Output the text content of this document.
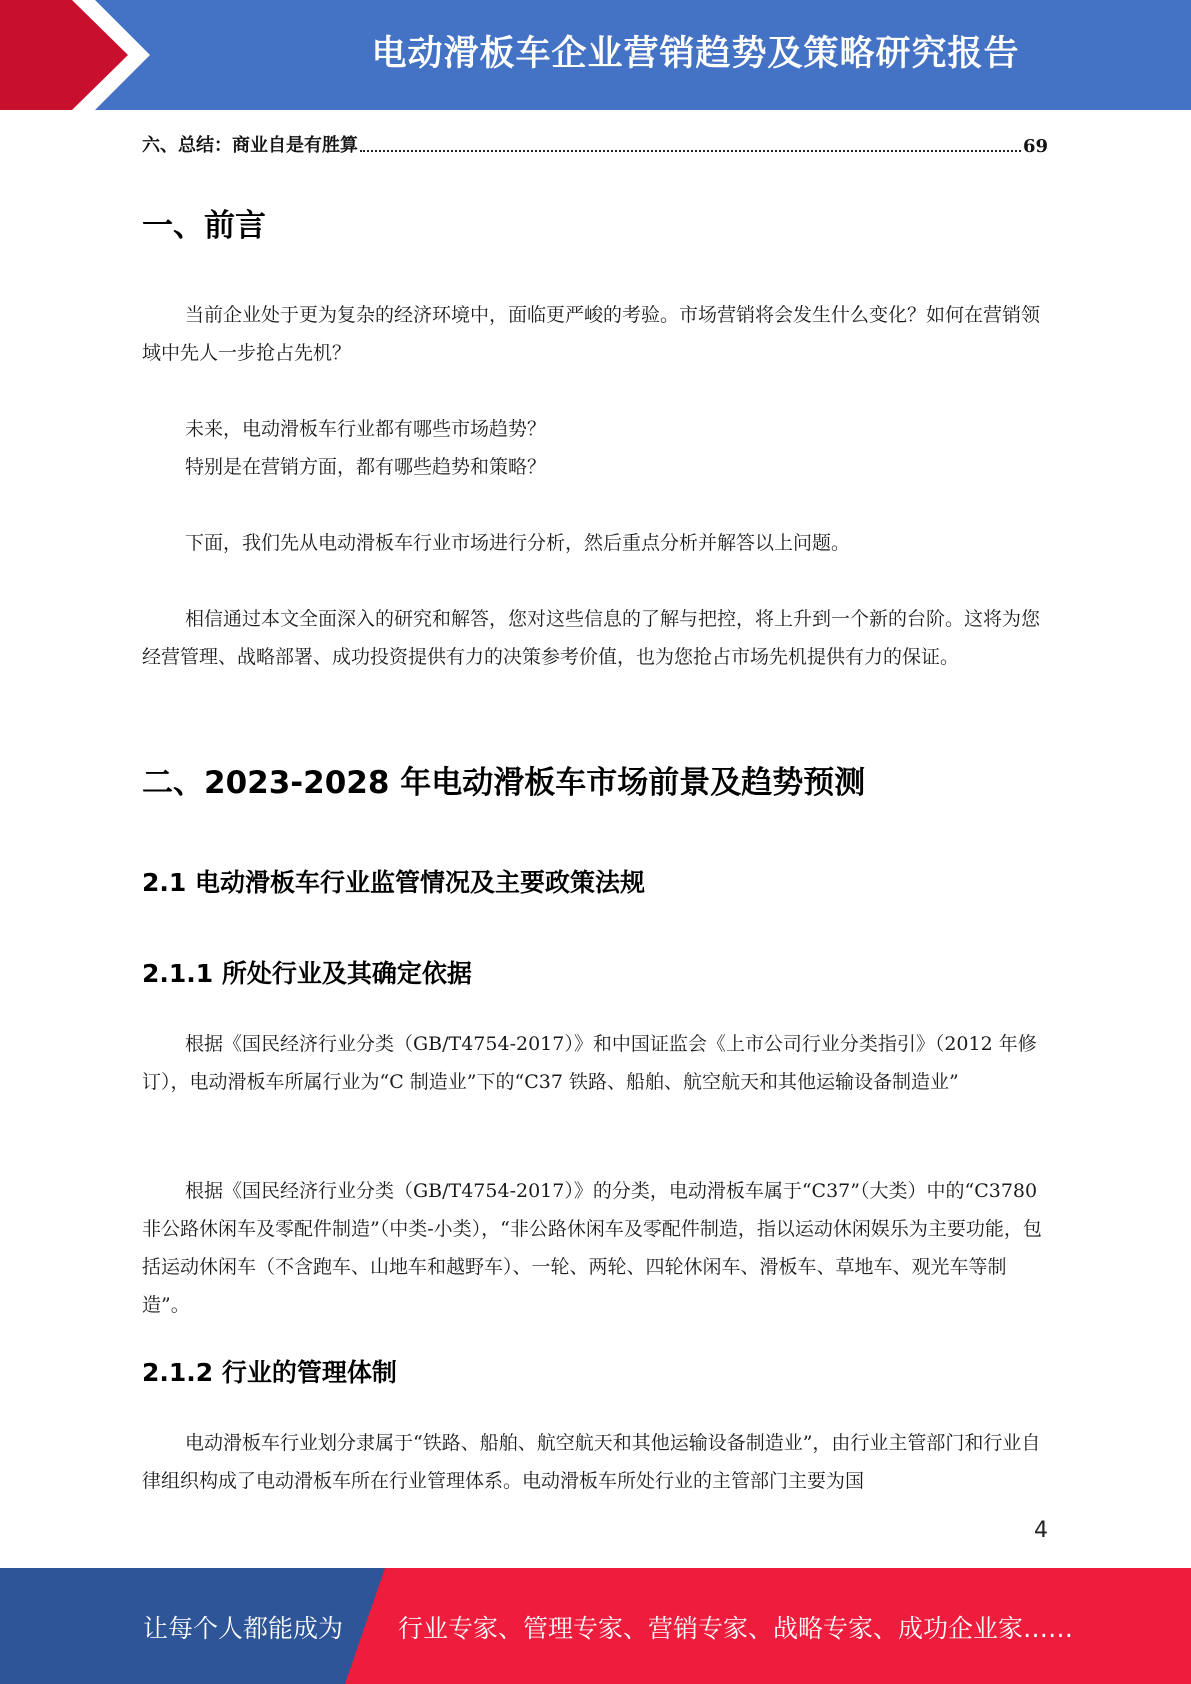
电动滑板车企业营销趋势及策略研究报告
六、总结：商业自是有胜算	69
一、前言

当前企业处于更为复杂的经济环境中，面临更严峻的考验。市场营销将会发生什么变化？如何在营销领域中先人一步抢占先机？

未来，电动滑板车行业都有哪些市场趋势？

特别是在营销方面，都有哪些趋势和策略？

下面，我们先从电动滑板车行业市场进行分析，然后重点分析并解答以上问题。

相信通过本文全面深入的研究和解答，您对这些信息的了解与把控，将上升到一个新的台阶。这将为您经营管理、战略部署、成功投资提供有力的决策参考价值，也为您抢占市场先机提供有力的保证。

二、2023-2028 年电动滑板车市场前景及趋势预测
2.1 电动滑板车行业监管情况及主要政策法规
2.1.1 所处行业及其确定依据

根据《国民经济行业分类（GB/T4754-2017）》和中国证监会《上市公司行业分类指引》（2012 年修订），电动滑板车所属行业为“C 制造业”下的“C37 铁路、船舶、航空航天和其他运输设备制造业”

根据《国民经济行业分类（GB/T4754-2017）》的分类，电动滑板车属于“C37”（大类）中的“C3780 非公路休闲车及零配件制造”（中类-小类），“非公路休闲车及零配件制造，指以运动休闲娱乐为主要功能，包括运动休闲车（不含跑车、山地车和越野车）、一轮、两轮、四轮休闲车、滑板车、草地车、观光车等制造”。

2.1.2 行业的管理体制

电动滑板车行业划分隶属于“铁路、船舶、航空航天和其他运输设备制造业”，由行业主管部门和行业自律组织构成了电动滑板车所在行业管理体系。电动滑板车所处行业的主管部门主要为国

4
让每个人都能成为 行业专家、管理专家、营销专家、战略专家、成功企业家……
